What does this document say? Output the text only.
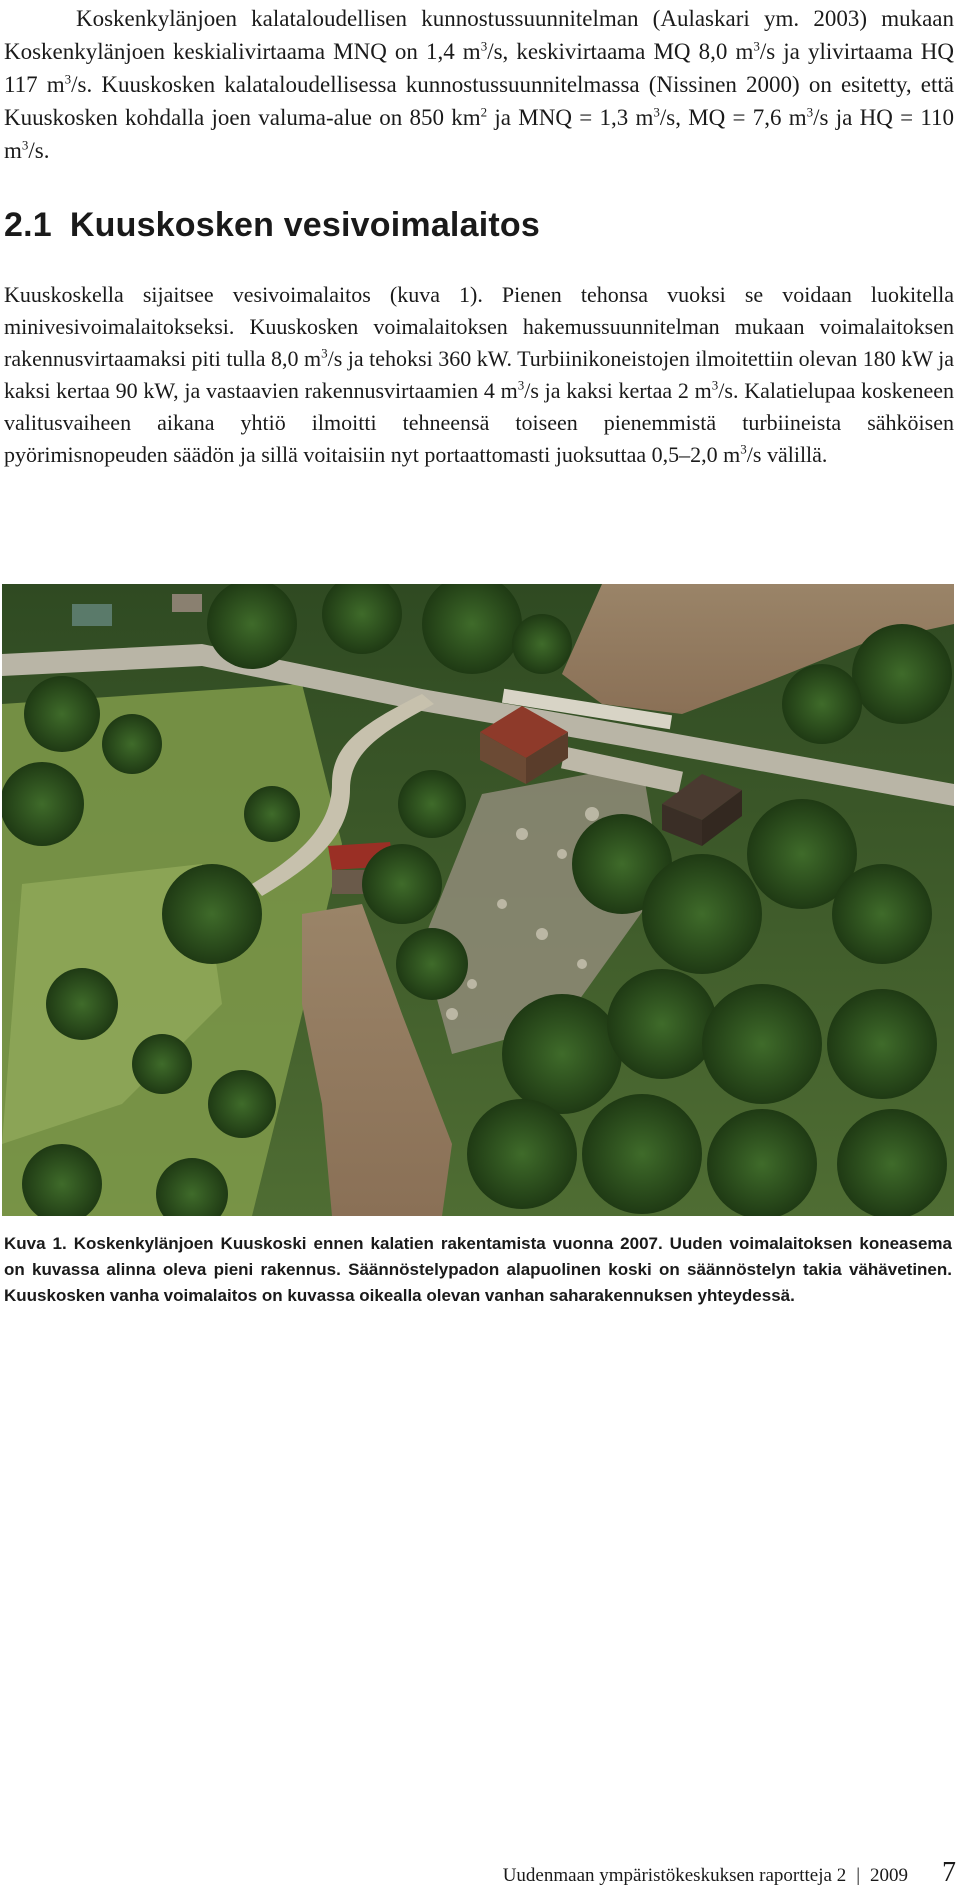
Koskenkylänjoen kalataloudellisen kunnostussuunnitelman (Aulaskari ym. 2003) mukaan Koskenkylänjoen keskialivirtaama MNQ on 1,4 $m^3/s$, keskivirtaama MQ 8,0 $m^3/s$ ja ylivirtaama HQ 117 $m^3/s$. Kuuskosken kalataloudellisessa kunnostussuunnitelmassa (Nissinen 2000) on esitetty, että Kuuskosken kohdalla joen valuma-alue on 850 $km^2$ ja MNQ = 1,3 $m^3/s$, MQ = 7,6 $m^3/s$ ja HQ = 110 $m^3/s$.

2.1 Kuuskosken vesivoimalaitos

Kuuskoskella sijaitsee vesivoimalaitos (kuva 1). Pienen tehonsa vuoksi se voidaan luokitella minivesivoimalaitokseksi. Kuuskosken voimalaitoksen hakemussuunnitelman mukaan voimalaitoksen rakennusvirtaamaksi piti tulla 8,0 $m^3/s$ ja tehoksi 360 kW. Turbiinikoneistojen ilmoitettiin olevan 180 kW ja kaksi kertaa 90 kW, ja vastaavien rakennusvirtaamien 4 $m^3/s$ ja kaksi kertaa 2 $m^3/s$. Kalatielupaa koskeneen valitusvaiheen aikana yhtiö ilmoitti tehneensä toiseen pienemmistä turbiineista sähköisen pyörimisnopeuden säädön ja sillä voitaisiin nyt portaattomasti juoksuttaa 0,5–2,0 $m^3/s$ välillä.

Kuva 1. Koskenkylänjoen Kuuskoski ennen kalatien rakentamista vuonna 2007. Uuden voimalaitoksen koneasema on kuvassa alinna oleva pieni rakennus. Säännöstelypadon alapuolinen koski on säännöstelyn takia vähävetinen. Kuuskosken vanha voimalaitos on kuvassa oikealla olevan vanhan saharakennuksen yhteydessä.

Uudenmaan ympäristökeskuksen raportteja 2 | 2009 7
